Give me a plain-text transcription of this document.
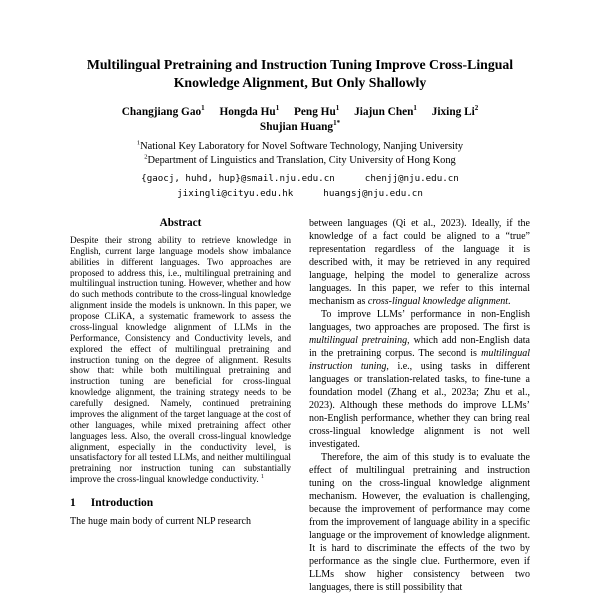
Multilingual Pretraining and Instruction Tuning Improve Cross-Lingual
Knowledge Alignment, But Only Shallowly
Changjiang Gao$^1$ Hongda Hu$^1$ Peng Hu$^1$ Jiajun Chen$^1$ Jixing Li$^2$ Shujian Huang$^{1*}$

$^1$National Key Laboratory for Novel Software Technology, Nanjing University

$^2$Department of Linguistics and Translation, City University of Hong Kong

{gaocj, huhd, hup}@smail.nju.edu.cn	chenjj@nju.edu.cn
jixingli@cityu.edu.hk	huangsj@nju.edu.cn
Abstract

Despite their strong ability to retrieve knowledge in English, current large language models show imbalance abilities in different languages. Two approaches are proposed to address this, i.e., multilingual pretraining and multilingual instruction tuning. However, whether and how do such methods contribute to the cross-lingual knowledge alignment inside the models is unknown. In this paper, we propose CLiKA, a systematic framework to assess the cross-lingual knowledge alignment of LLMs in the Performance, Consistency and Conductivity levels, and explored the effect of multilingual pretraining and instruction tuning on the degree of alignment. Results show that: while both multilingual pretraining and instruction tuning are beneficial for cross-lingual knowledge alignment, the training strategy needs to be carefully designed. Namely, continued pretraining improves the alignment of the target language at the cost of other languages, while mixed pretraining affect other languages less. Also, the overall cross-lingual knowledge alignment, especially in the conductivity level, is unsatisfactory for all tested LLMs, and neither multilingual pretraining nor instruction tuning can substantially improve the cross-lingual knowledge conductivity. $^1$

1 Introduction

The huge main body of current NLP research

between languages (Qi et al., 2023). Ideally, if the knowledge of a fact could be aligned to a “true” representation regardless of the language it is described with, it may be retrieved in any required language, helping the model to generalize across languages. In this paper, we refer to this internal mechanism as cross-lingual knowledge alignment.

To improve LLMs’ performance in non-English languages, two approaches are proposed. The first is multilingual pretraining, which add non-English data in the pretraining corpus. The second is multilingual instruction tuning, i.e., using tasks in different languages or translation-related tasks, to fine-tune a foundation model (Zhang et al., 2023a; Zhu et al., 2023). Although these methods do improve LLMs’ non-English performance, whether they can bring real cross-lingual knowledge alignment is not well investigated.

Therefore, the aim of this study is to evaluate the effect of multilingual pretraining and instruction tuning on the cross-lingual knowledge alignment mechanism. However, the evaluation is challenging, because the improvement of performance may come from the improvement of language ability in a specific language or the improvement of knowledge alignment. It is hard to discriminate the effects of the two by performance as the single clue. Furthermore, even if LLMs show higher consistency between two languages, there is still possibility that
